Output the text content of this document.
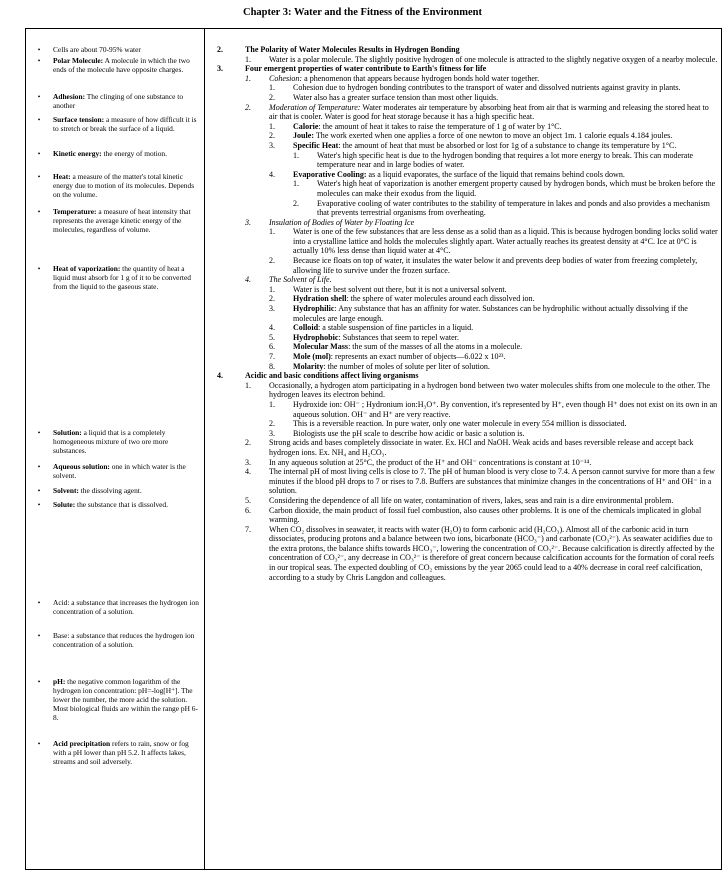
Chapter 3: Water and the Fitness of the Environment
•	Cells are about 70-95% water
•	Polar Molecule: A molecule in which the two ends of the molecule have opposite charges.
•	Adhesion: The clinging of one substance to another
•	Surface tension: a measure of how difficult it is to stretch or break the surface of a liquid.
•	Kinetic energy: the energy of motion.
•	Heat: a measure of the matter's total kinetic energy due to motion of its molecules. Depends on the volume.
•	Temperature: a measure of heat intensity that represents the average kinetic energy of the molecules, regardless of volume.
•	Heat of vaporization: the quantity of heat a liquid must absorb for 1 g of it to be converted from the liquid to the gaseous state.
•	Solution: a liquid that is a completely homogeneous mixture of two ore more substances.
•	Aqueous solution: one in which water is the solvent.
•	Solvent: the dissolving agent.
•	Solute: the substance that is dissolved.
•	Acid: a substance that increases the hydrogen ion concentration of a solution.
•	Base: a substance that reduces the hydrogen ion concentration of a solution.
•	pH: the negative common logarithm of the hydrogen ion concentration: pH=-log[H⁺]. The lower the number, the more acid the solution. Most biological fluids are within the range pH 6-8.
•	Acid precipitation refers to rain, snow or fog with a pH lower than pH 5.2. It affects lakes, streams and soil adversely.

2.	The Polarity of Water Molecules Results in Hydrogen Bonding

1. Water is a polar molecule. The slightly positive hydrogen of one molecule is attracted to the slightly negative oxygen of a nearby molecule.

3.	Four emergent properties of water contribute to Earth's fitness for life

1. Cohesion: a phenomenon that appears because hydrogen bonds hold water together.

1. Cohesion due to hydrogen bonding contributes to the transport of water and dissolved nutrients against gravity in plants.

2. Water also has a greater surface tension than most other liquids.

2. Moderation of Temperature: Water moderates air temperature by absorbing heat from air that is warming and releasing the stored heat to air that is cooler. Water is good for heat storage because it has a high specific heat.

1. Calorie: the amount of heat it takes to raise the temperature of 1 g of water by 1°C.

2. Joule: The work exerted when one applies a force of one newton to move an object 1m. 1 calorie equals 4.184 joules.

3. Specific Heat: the amount of heat that must be absorbed or lost for 1g of a substance to change its temperature by 1°C.

1. Water's high specific heat is due to the hydrogen bonding that requires a lot more energy to break. This can moderate temperature near and in large bodies of water.

4. Evaporative Cooling: as a liquid evaporates, the surface of the liquid that remains behind cools down.

1. Water's high heat of vaporization is another emergent property caused by hydrogen bonds, which must be broken before the molecules can make their exodus from the liquid.

2. Evaporative cooling of water contributes to the stability of temperature in lakes and ponds and also provides a mechanism that prevents terrestrial organisms from overheating.

3. Insulation of Bodies of Water by Floating Ice

1. Water is one of the few substances that are less dense as a solid than as a liquid. This is because hydrogen bonding locks solid water into a crystalline lattice and holds the molecules slightly apart. Water actually reaches its greatest density at 4°C. Ice at 0°C is actually 10% less dense than liquid water at 4°C.

2. Because ice floats on top of water, it insulates the water below it and prevents deep bodies of water from freezing completely, allowing life to survive under the frozen surface.

4. The Solvent of Life.

1. Water is the best solvent out there, but it is not a universal solvent.

2. Hydration shell: the sphere of water molecules around each dissolved ion.

3. Hydrophilic: Any substance that has an affinity for water. Substances can be hydrophilic without actually dissolving if the molecules are large enough.

4. Colloid: a stable suspension of fine particles in a liquid.

5. Hydrophobic: Substances that seem to repel water.

6. Molecular Mass: the sum of the masses of all the atoms in a molecule.

7. Mole (mol): represents an exact number of objects—6.022 x 10²³.

8. Molarity: the number of moles of solute per liter of solution.

4.	Acidic and basic conditions affect living organisms

1. Occasionally, a hydrogen atom participating in a hydrogen bond between two water molecules shifts from one molecule to the other. The hydrogen leaves its electron behind.

1. Hydroxide ion: OH⁻ ; Hydronium ion:H₃O⁺. By convention, it's represented by H⁺, even though H⁺ does not exist on its own in an aqueous solution. OH⁻ and H⁺ are very reactive.

2. This is a reversible reaction. In pure water, only one water molecule in every 554 million is dissociated.

3. Biologists use the pH scale to describe how acidic or basic a solution is.

2. Strong acids and bases completely dissociate in water. Ex. HCl and NaOH. Weak acids and bases reversible release and accept back hydrogen ions. Ex. NH₄ and H₂CO₃.

3. In any aqueous solution at 25°C, the product of the H⁺ and OH⁻ concentrations is constant at 10⁻¹⁴.

4. The internal pH of most living cells is close to 7. The pH of human blood is very close to 7.4. A person cannot survive for more than a few minutes if the blood pH drops to 7 or rises to 7.8. Buffers are substances that minimize changes in the concentrations of H⁺ and OH⁻ in a solution.

5. Considering the dependence of all life on water, contamination of rivers, lakes, seas and rain is a dire environmental problem.

6. Carbon dioxide, the main product of fossil fuel combustion, also causes other problems. It is one of the chemicals implicated in global warming.

7. When CO₂ dissolves in seawater, it reacts with water (H₂O) to form carbonic acid (H₂CO₃). Almost all of the carbonic acid in turn dissociates, producing protons and a balance between two ions, bicarbonate (HCO₃⁻) and carbonate (CO₃²⁻). As seawater acidifies due to the extra protons, the balance shifts towards HCO₃⁻, lowering the concentration of CO₃²⁻. Because calcification is directly affected by the concentration of CO₃²⁻, any decrease in CO₃²⁻ is therefore of great concern because calcification accounts for the formation of coral reefs in our tropical seas. The expected doubling of CO₂ emissions by the year 2065 could lead to a 40% decrease in coral reef calcification, according to a study by Chris Langdon and colleagues.
